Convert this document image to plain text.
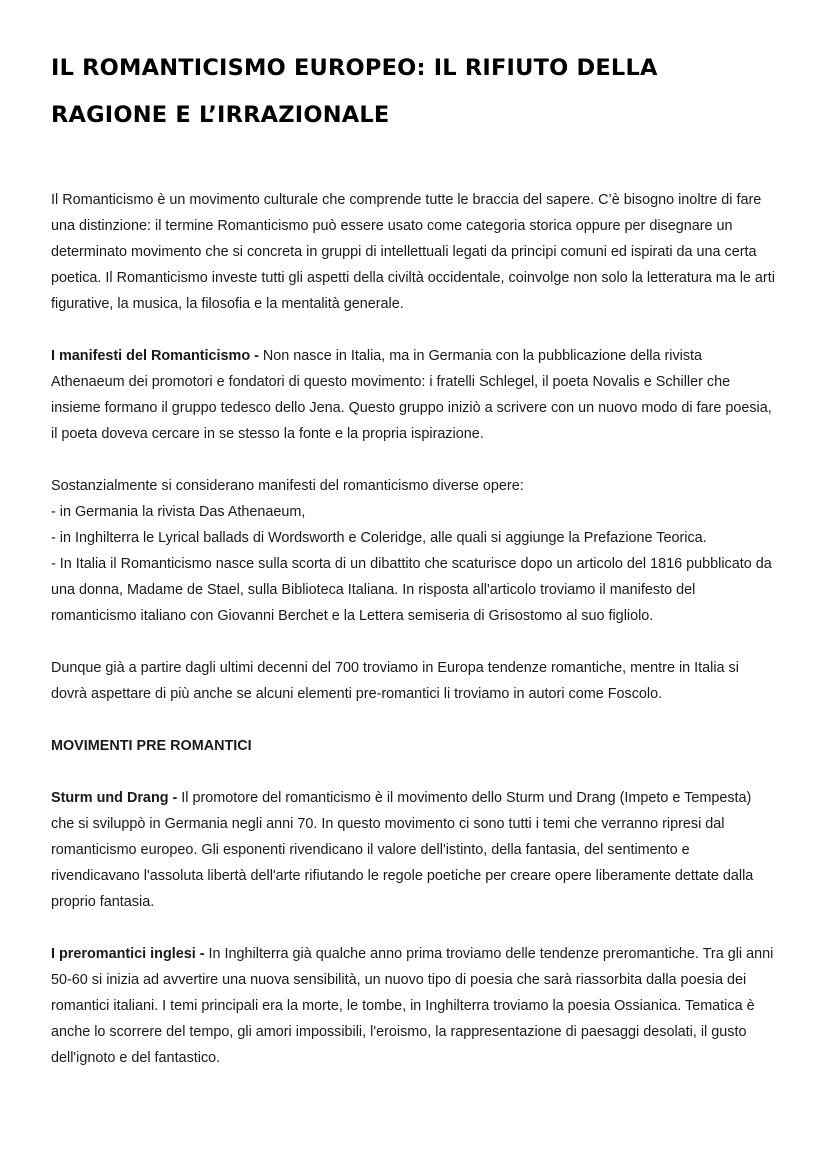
IL ROMANTICISMO EUROPEO: IL RIFIUTO DELLA RAGIONE E L’IRRAZIONALE

Il Romanticismo è un movimento culturale che comprende tutte le braccia del sapere. C’è bisogno inoltre di fare una distinzione: il termine Romanticismo può essere usato come categoria storica oppure per disegnare un determinato movimento che si concreta in gruppi di intellettuali legati da principi comuni ed ispirati da una certa poetica. Il Romanticismo investe tutti gli aspetti della civiltà occidentale, coinvolge non solo la letteratura ma le arti figurative, la musica, la filosofia e la mentalità generale.

I manifesti del Romanticismo - Non nasce in Italia, ma in Germania con la pubblicazione della rivista Athenaeum dei promotori e fondatori di questo movimento: i fratelli Schlegel, il poeta Novalis e Schiller che insieme formano il gruppo tedesco dello Jena. Questo gruppo iniziò a scrivere con un nuovo modo di fare poesia, il poeta doveva cercare in se stesso la fonte e la propria ispirazione.

Sostanzialmente si considerano manifesti del romanticismo diverse opere:
- in Germania la rivista Das Athenaeum,
- in Inghilterra le Lyrical ballads di Wordsworth e Coleridge, alle quali si aggiunge la Prefazione Teorica.
- In Italia il Romanticismo nasce sulla scorta di un dibattito che scaturisce dopo un articolo del 1816 pubblicato da una donna, Madame de Stael, sulla Biblioteca Italiana. In risposta all'articolo troviamo il manifesto del romanticismo italiano con Giovanni Berchet e la Lettera semiseria di Grisostomo al suo figliolo.

Dunque già a partire dagli ultimi decenni del 700 troviamo in Europa tendenze romantiche, mentre in Italia si dovrà aspettare di più anche se alcuni elementi pre-romantici li troviamo in autori come Foscolo.

MOVIMENTI PRE ROMANTICI

Sturm und Drang - Il promotore del romanticismo è il movimento dello Sturm und Drang (Impeto e Tempesta) che si sviluppò in Germania negli anni 70. In questo movimento ci sono tutti i temi che verranno ripresi dal romanticismo europeo. Gli esponenti rivendicano il valore dell'istinto, della fantasia, del sentimento e rivendicavano l'assoluta libertà dell'arte rifiutando le regole poetiche per creare opere liberamente dettate dalla proprio fantasia.

I preromantici inglesi - In Inghilterra già qualche anno prima troviamo delle tendenze preromantiche. Tra gli anni 50-60 si inizia ad avvertire una nuova sensibilità, un nuovo tipo di poesia che sarà riassorbita dalla poesia dei romantici italiani. I temi principali era la morte, le tombe, in Inghilterra troviamo la poesia Ossianica. Tematica è anche lo scorrere del tempo, gli amori impossibili, l'eroismo, la rappresentazione di paesaggi desolati, il gusto dell'ignoto e del fantastico.
